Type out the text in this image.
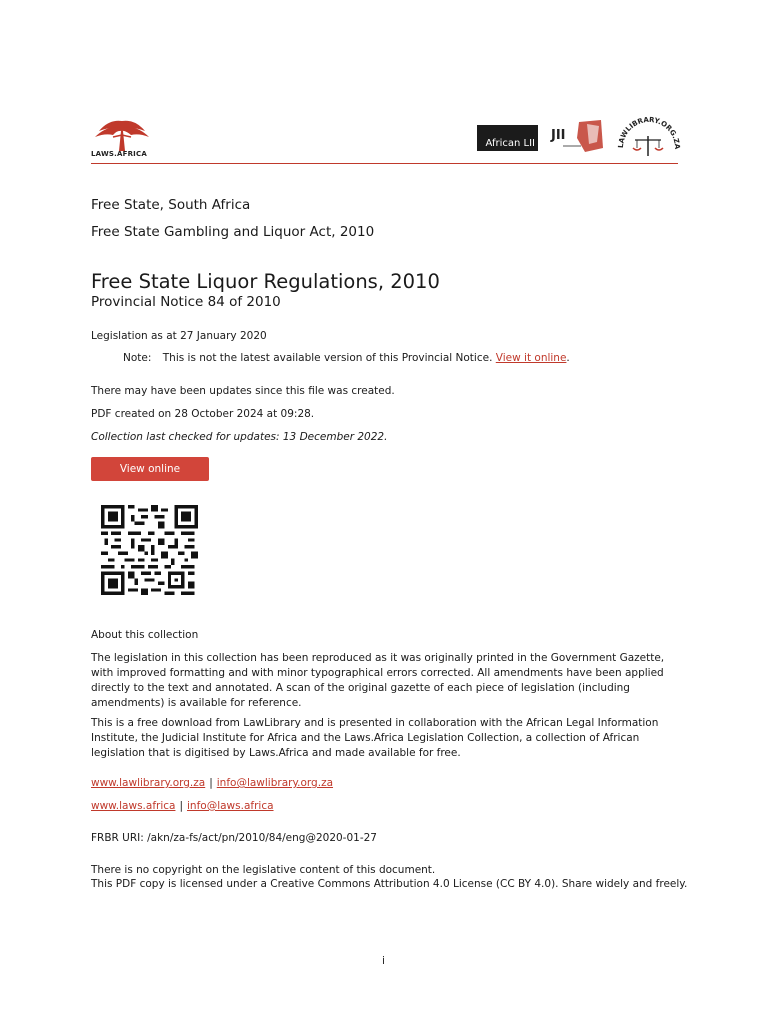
LAWS.AFRICA
African LII
JII
LAWLIBRARY.ORG.ZA
Free State, South Africa
Free State Gambling and Liquor Act, 2010
Free State Liquor Regulations, 2010
Provincial Notice 84 of 2010
Legislation as at 27 January 2020
Note: This is not the latest available version of this Provincial Notice. View it online.
There may have been updates since this file was created.
PDF created on 28 October 2024 at 09:28.
Collection last checked for updates: 13 December 2022.
View online
About this collection
The legislation in this collection has been reproduced as it was originally printed in the Government Gazette, with improved formatting and with minor typographical errors corrected. All amendments have been applied directly to the text and annotated. A scan of the original gazette of each piece of legislation (including amendments) is available for reference.
This is a free download from LawLibrary and is presented in collaboration with the African Legal Information Institute, the Judicial Institute for Africa and the Laws.Africa Legislation Collection, a collection of African legislation that is digitised by Laws.Africa and made available for free.
www.lawlibrary.org.za | info@lawlibrary.org.za
www.laws.africa | info@laws.africa
FRBR URI: /akn/za-fs/act/pn/2010/84/eng@2020-01-27
There is no copyright on the legislative content of this document.
This PDF copy is licensed under a Creative Commons Attribution 4.0 License (CC BY 4.0). Share widely and freely.
i
